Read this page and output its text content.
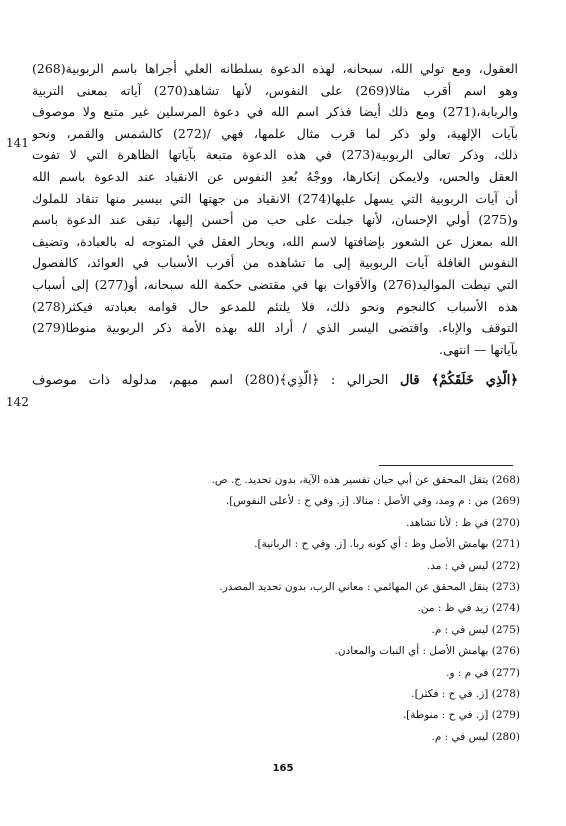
العقول، ومع تولي الله، سبحانه، لهذه الدعوة بسلطانه العلي أجراها باسم الربوبية(268)
وهو اسم أقرب مثالا(269) على النفوس، لأنها تشاهد(270) آياته بمعنى التربية
والربابة،(271) ومع ذلك أيضا فذكر اسم الله في دعوة المرسلين غير متبع ولا موصوف
بآيات الإلهية، ولو ذكر لما قرب مثال علمها، فهي /(272) كالشمس والقمر، ونحو
ذلك، وذكر تعالى الربوبية(273) في هذه الدعوة متبعة بآياتها الظاهرة التي لا تفوت
العقل والحس، ولايمكن إنكارها، ووجْهُ بُعدِ النفوس عن الانقياد عند الدعوة باسم الله
أن آيات الربوبية التي يسهل عليها(274) الانقياد من جهتها التي بيسير منها تنقاد للملوك
و(275) أولي الإحسان، لأنها جبلت على حب من أحسن إليها، تبقى عند الدعوة باسم
الله بمعزل عن الشعور بإضافتها لاسم الله، ويحار العقل في المتوجه له بالعبادة، وتضيف
النفوس الغافلة آيات الربوبية إلى ما تشاهده من أقرب الأسباب في العوائد، كالفصول
التي نيطت المواليد(276) والأقوات بها في مقتضى حكمة الله سبحانه، أو(277) إلى أسباب
هذه الأسباب كالنجوم ونحو ذلك، فلا يلتئم للمدعو حال قوامه بعبادته فيكثر(278)
التوقف والإباء. واقتضى اليسر الذي / أراد الله بهذه الأمة ذكر الربوبية منوطا(279)
بآياتها — انتهى.
﴿الَّذِي خَلَقَكُمْ﴾ قال الحرالي : ﴿الَّذِي﴾(280) اسم مبهم، مدلوله ذات موصوف
141
142
(268) يتقل المحقق عن أبي حيان تفسير هذه الآية، بدون تحديد. ج. ص.
(269) من : م ومد، وفي الأصل : منالا. [ز. وفي ح : لأعلى النفوس].
(270) في ظ : لأنا تشاهد.
(271) بهامش الأصل وظ : أي كونه ربا. [ز. وفي ح : الربانية].
(272) ليس في : مد.
(273) ينقل المحقق عن المهائمي : معاني الرب، بدون تحديد المصدر.
(274) زيد في ظ : من.
(275) ليس في : م.
(276) بهامش الأصل : أي النبات والمعادن.
(277) في م : و.
(278) [ز. في ح : فكثر].
(279) [ز. في ح : منوطة].
(280) ليس في : م.
165
